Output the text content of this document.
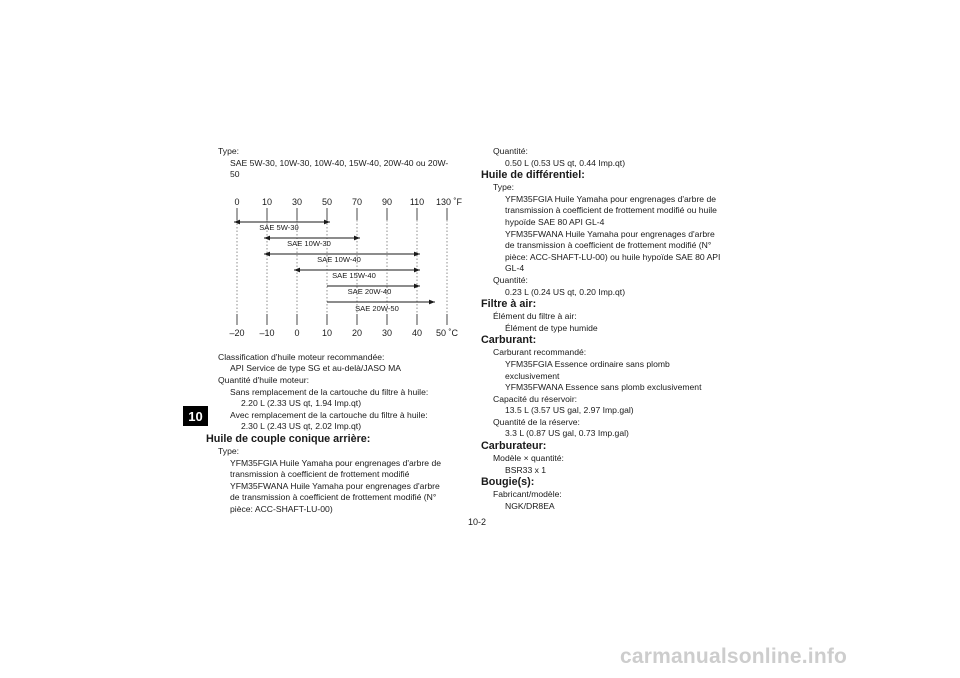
10
Type:
SAE 5W-30, 10W-30, 10W-40, 15W-40, 20W-40 ou 20W-
50
Classification d'huile moteur recommandée:
API Service de type SG et au-delà/JASO MA
Quantité d'huile moteur:
Sans remplacement de la cartouche du filtre à huile:
2.20 L (2.33 US qt, 1.94 Imp.qt)
Avec remplacement de la cartouche du filtre à huile:
2.30 L (2.43 US qt, 2.02 Imp.qt)
Huile de couple conique arrière:
Type:
YFM35FGIA Huile Yamaha pour engrenages d'arbre de
transmission à coefficient de frottement modifié
YFM35FWANA Huile Yamaha pour engrenages d'arbre
de transmission à coefficient de frottement modifié (N°
pièce: ACC-SHAFT-LU-00)
0
–20
10
–10
30
0
50
10
70
20
90
30
110
40
130 ˚F
50 ˚C
SAE 5W-30
SAE 10W-30
SAE 10W-40
SAE 15W-40
SAE 20W-40
SAE 20W-50
Quantité:
0.50 L (0.53 US qt, 0.44 Imp.qt)
Huile de différentiel:
Type:
YFM35FGIA Huile Yamaha pour engrenages d'arbre de
transmission à coefficient de frottement modifié ou huile
hypoïde SAE 80 API GL-4
YFM35FWANA Huile Yamaha pour engrenages d'arbre
de transmission à coefficient de frottement modifié (N°
pièce: ACC-SHAFT-LU-00) ou huile hypoïde SAE 80 API
GL-4
Quantité:
0.23 L (0.24 US qt, 0.20 Imp.qt)
Filtre à air:
Élément du filtre à air:
Élément de type humide
Carburant:
Carburant recommandé:
YFM35FGIA Essence ordinaire sans plomb
exclusivement
YFM35FWANA Essence sans plomb exclusivement
Capacité du réservoir:
13.5 L (3.57 US gal, 2.97 Imp.gal)
Quantité de la réserve:
3.3 L (0.87 US gal, 0.73 Imp.gal)
Carburateur:
Modèle × quantité:
BSR33 x 1
Bougie(s):
Fabricant/modèle:
NGK/DR8EA
10-2
carmanualsonline.info
